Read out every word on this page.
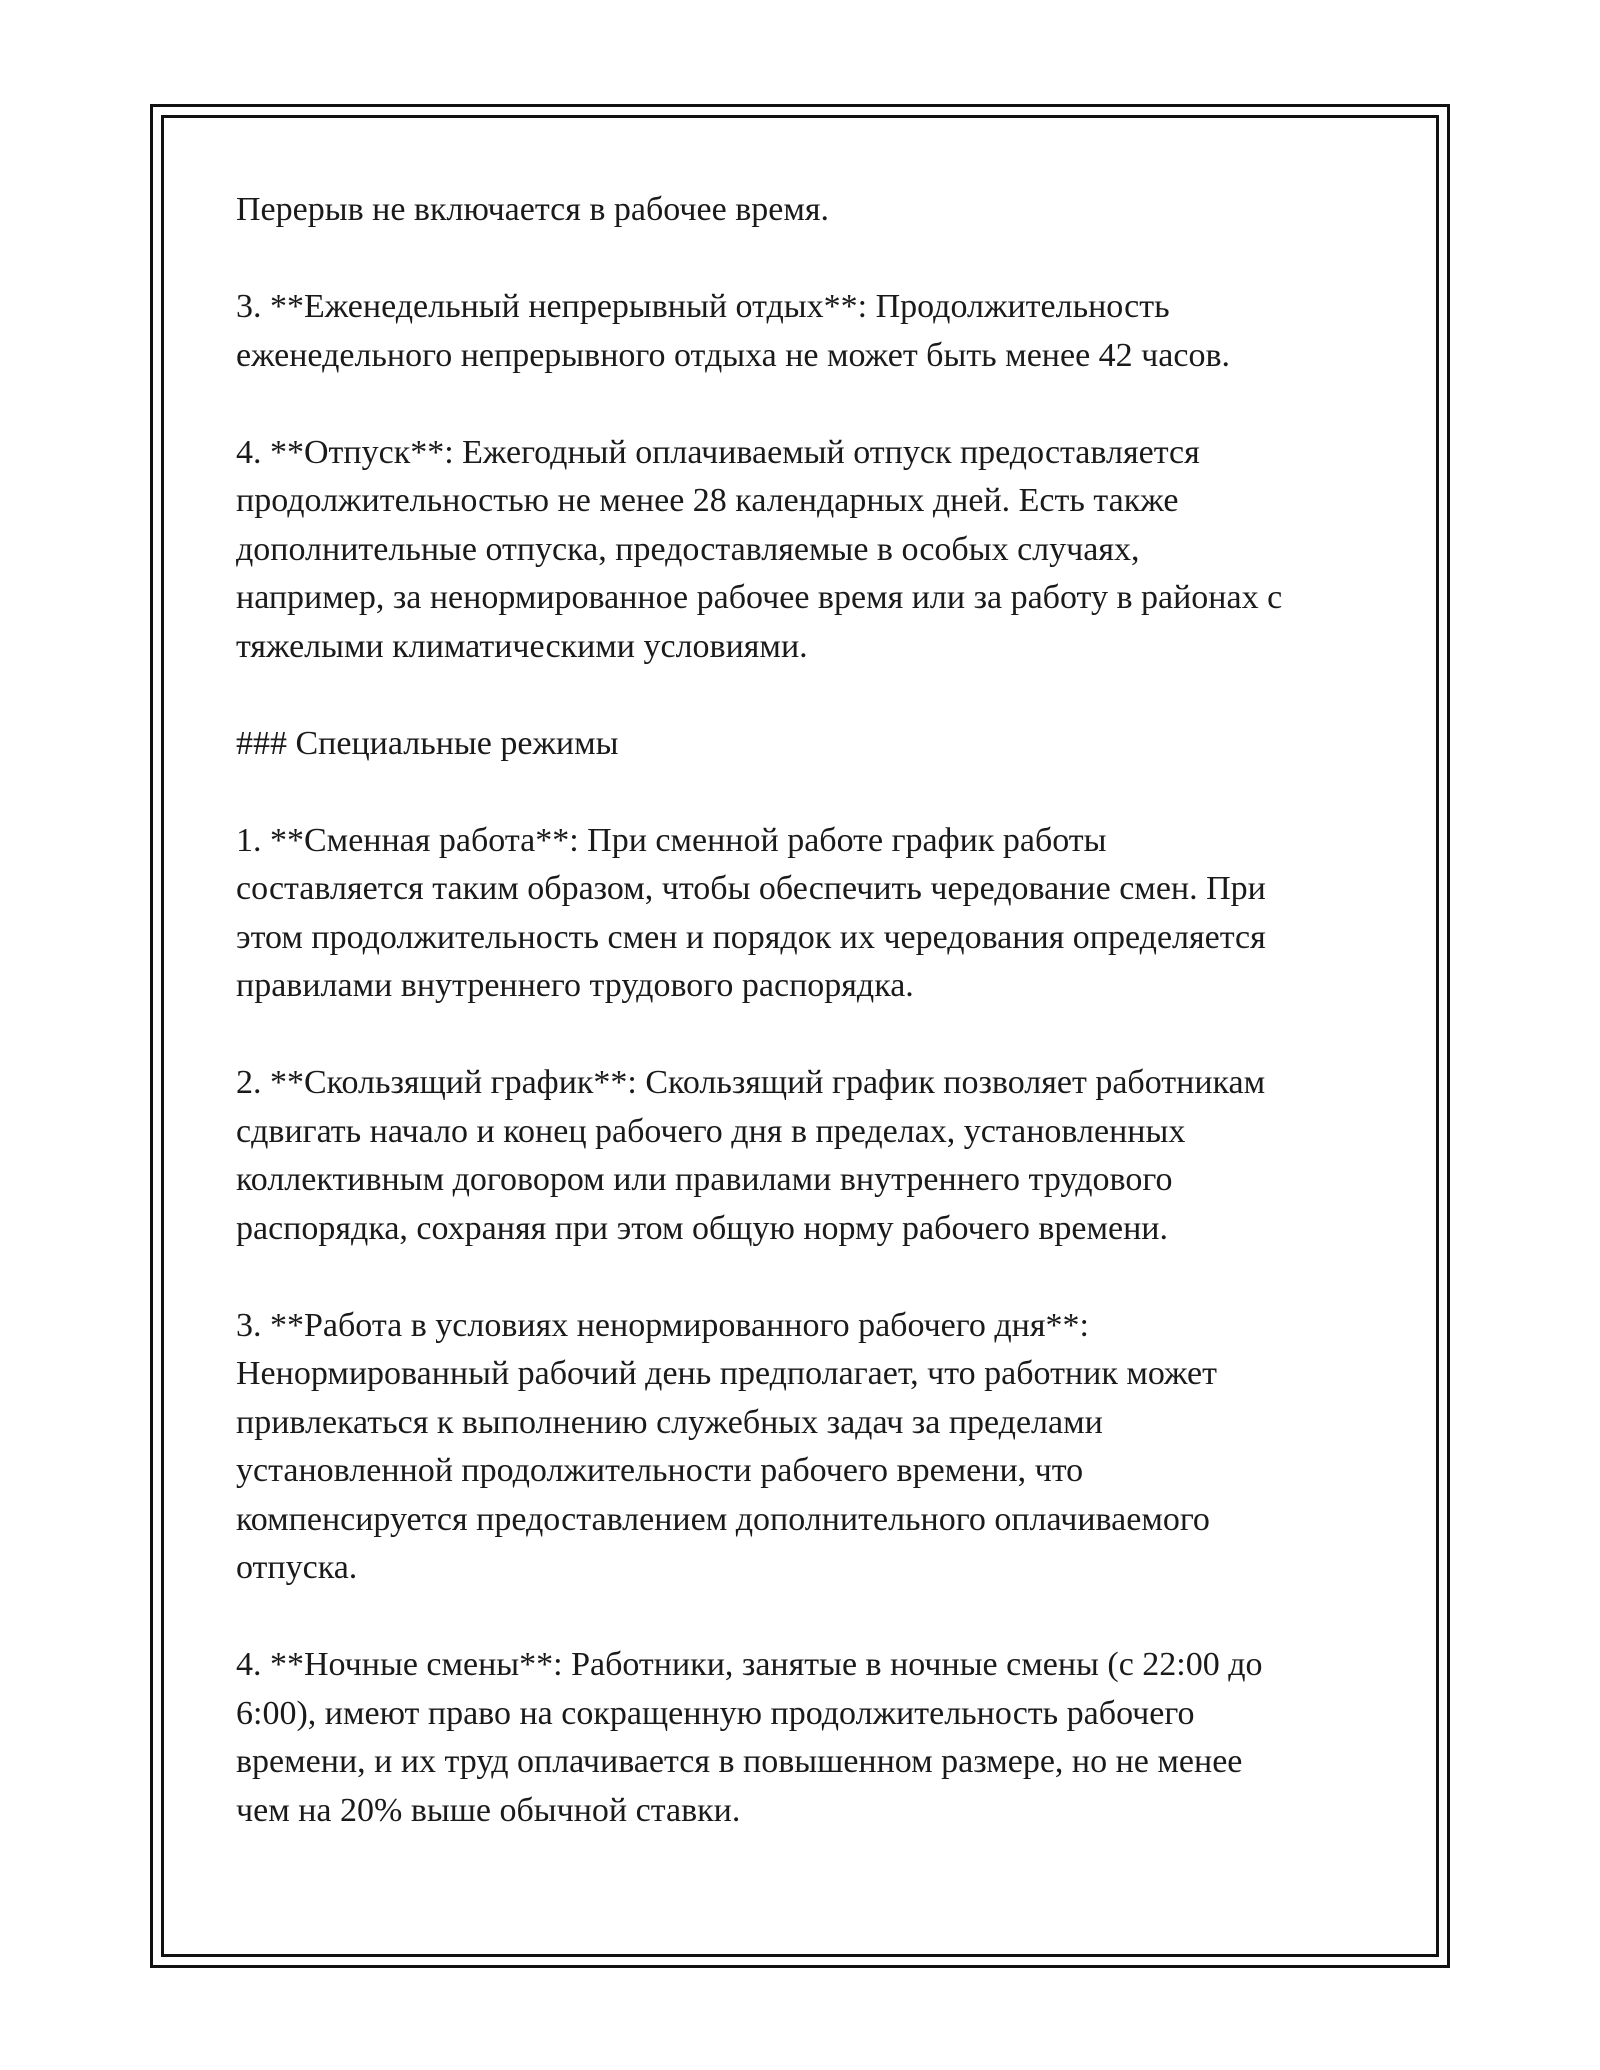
Перерыв не включается в рабочее время.

3. **Еженедельный непрерывный отдых**: Продолжительность
еженедельного непрерывного отдыха не может быть менее 42 часов.

4. **Отпуск**: Ежегодный оплачиваемый отпуск предоставляется
продолжительностью не менее 28 календарных дней. Есть также
дополнительные отпуска, предоставляемые в особых случаях,
например, за ненормированное рабочее время или за работу в районах с
тяжелыми климатическими условиями.

### Специальные режимы

1. **Сменная работа**: При сменной работе график работы
составляется таким образом, чтобы обеспечить чередование смен. При
этом продолжительность смен и порядок их чередования определяется
правилами внутреннего трудового распорядка.

2. **Скользящий график**: Скользящий график позволяет работникам
сдвигать начало и конец рабочего дня в пределах, установленных
коллективным договором или правилами внутреннего трудового
распорядка, сохраняя при этом общую норму рабочего времени.

3. **Работа в условиях ненормированного рабочего дня**:
Ненормированный рабочий день предполагает, что работник может
привлекаться к выполнению служебных задач за пределами
установленной продолжительности рабочего времени, что
компенсируется предоставлением дополнительного оплачиваемого
отпуска.

4. **Ночные смены**: Работники, занятые в ночные смены (с 22:00 до
6:00), имеют право на сокращенную продолжительность рабочего
времени, и их труд оплачивается в повышенном размере, но не менее
чем на 20% выше обычной ставки.
